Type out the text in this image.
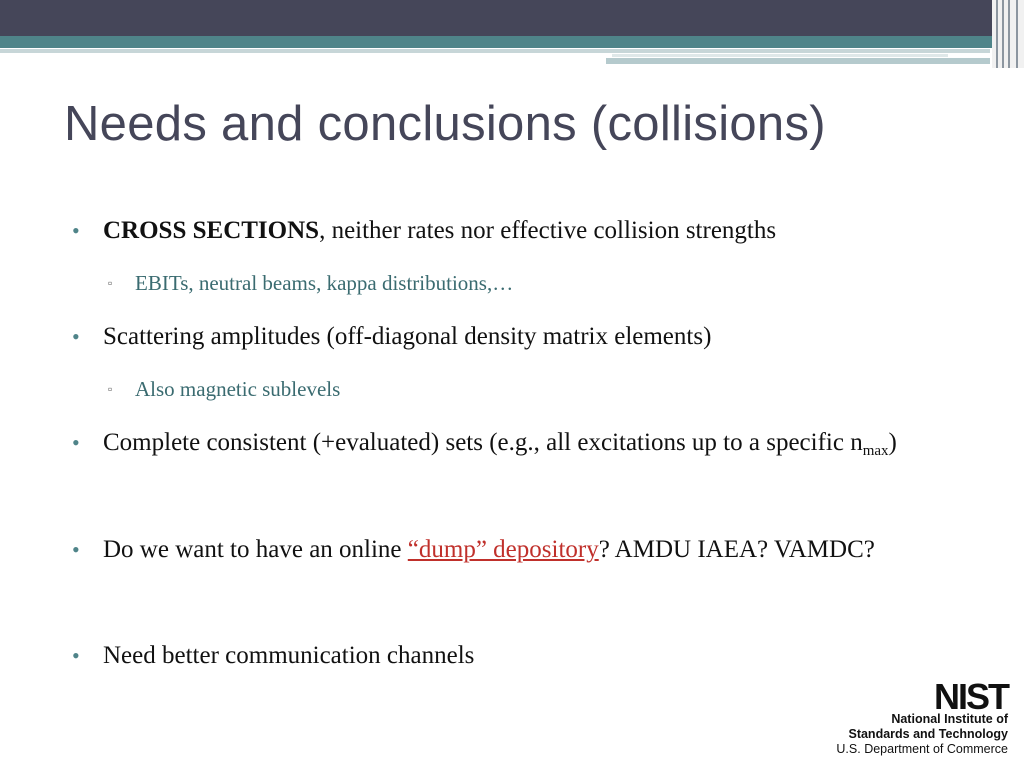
Needs and conclusions (collisions)
• CROSS SECTIONS, neither rates nor effective collision strengths
▫ EBITs, neutral beams, kappa distributions,…
• Scattering amplitudes (off-diagonal density matrix elements)
▫ Also magnetic sublevels
• Complete consistent (+evaluated) sets (e.g., all excitations up to a specific $n_{max}$)
• Do we want to have an online “dump” depository? AMDU IAEA? VAMDC?
• Need better communication channels
NIST
National Institute of
Standards and Technology
U.S. Department of Commerce
